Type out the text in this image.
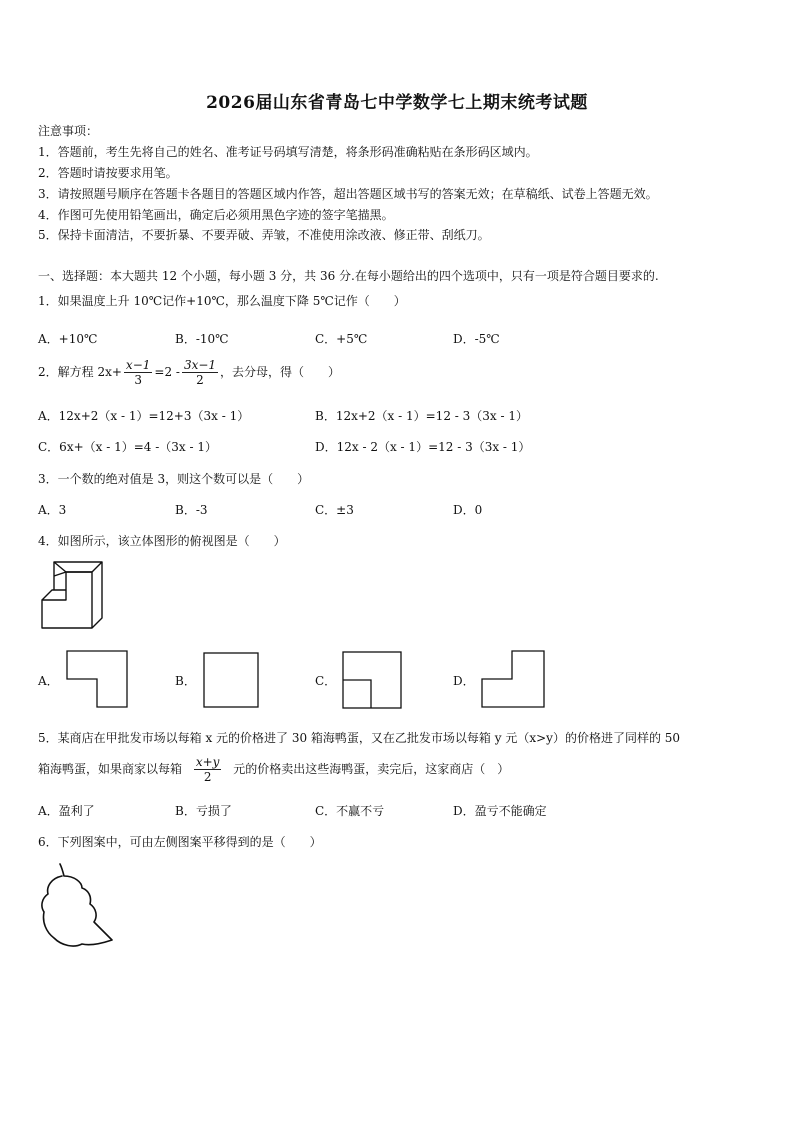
2026届山东省青岛七中学数学七上期末统考试题
注意事项：
1．答题前，考生先将自己的姓名、准考证号码填写清楚，将条形码准确粘贴在条形码区域内。
2．答题时请按要求用笔。
3．请按照题号顺序在答题卡各题目的答题区域内作答，超出答题区域书写的答案无效；在草稿纸、试卷上答题无效。
4．作图可先使用铅笔画出，确定后必须用黑色字迹的签字笔描黑。
5．保持卡面清洁，不要折暴、不要弄破、弄皱，不准使用涂改液、修正带、刮纸刀。
一、选择题：本大题共 12 个小题，每小题 3 分，共 36 分.在每小题给出的四个选项中，只有一项是符合题目要求的.
1．如果温度上升 10℃记作+10℃，那么温度下降 5℃记作（　　）
A．+10℃	B．-10℃	C．+5℃	D．-5℃
2．解方程 $2x+ \frac{x-1}{3} =2 - \frac{3x-1}{2}$ ，去分母，得（　　）
A．12x+2（x - 1）=12+3（3x - 1）	B．12x+2（x - 1）=12 - 3（3x - 1）
C．6x+（x - 1）=4 -（3x - 1）	D．12x - 2（x - 1）=12 - 3（3x - 1）
3．一个数的绝对值是 3，则这个数可以是（　　）
A．3	B．-3	C．±3	D．0
4．如图所示，该立体图形的俯视图是（　　）
A．	B．	C．	D．
5．某商店在甲批发市场以每箱 x 元的价格进了 30 箱海鸭蛋，又在乙批发市场以每箱 y 元（x>y）的价格进了同样的 50
箱海鸭蛋，如果商家以每箱 $\frac{x+y}{2}$ 元的价格卖出这些海鸭蛋，卖完后，这家商店（　）
A．盈利了	B．亏损了	C．不赢不亏	D．盈亏不能确定
6．下列图案中，可由左侧图案平移得到的是（　　）
